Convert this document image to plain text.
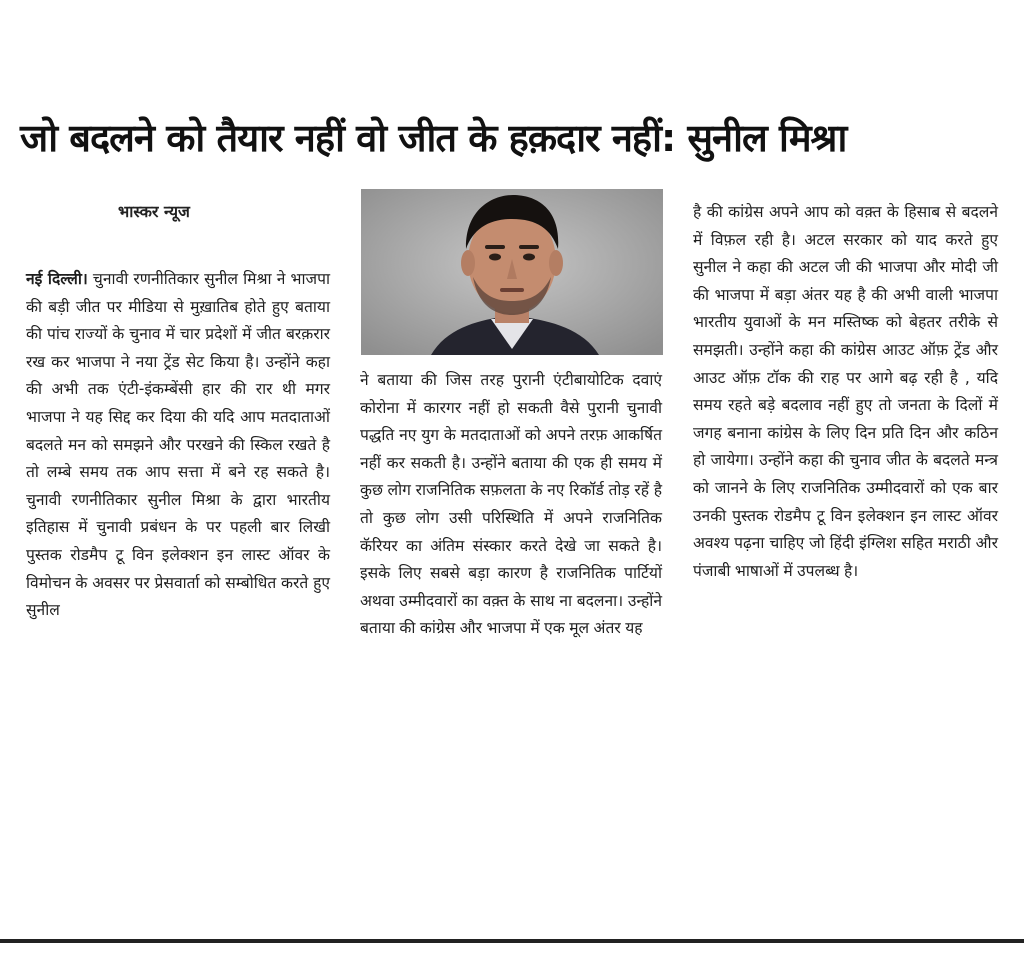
जो बदलने को तैयार नहीं वो जीत के हक़दार नहीं: सुनील मिश्रा
भास्कर न्यूज
नई दिल्ली। चुनावी रणनीतिकार सुनील मिश्रा ने भाजपा की बड़ी जीत पर मीडिया से मुख़ातिब होते हुए बताया की पांच राज्यों के चुनाव में चार प्रदेशों में जीत बरक़रार रख कर भाजपा ने नया ट्रेंड सेट किया है। उन्होंने कहा की अभी तक एंटी-इंकम्बेंसी हार की रार थी मगर भाजपा ने यह सिद्द कर दिया की यदि आप मतदाताओं बदलते मन को समझने और परखने की स्किल रखते है तो लम्बे समय तक आप सत्ता में बने रह सकते है। चुनावी रणनीतिकार सुनील मिश्रा के द्वारा भारतीय इतिहास में चुनावी प्रबंधन के पर पहली बार लिखी पुस्तक रोडमैप टू विन इलेक्शन इन लास्ट ऑवर के विमोचन के अवसर पर प्रेसवार्ता को सम्बोधित करते हुए सुनील
ने बताया की जिस तरह पुरानी एंटीबायोटिक दवाएं कोरोना में कारगर नहीं हो सकती वैसे पुरानी चुनावी पद्धति नए युग के मतदाताओं को अपने तरफ़ आकर्षित नहीं कर सकती है। उन्होंने बताया की एक ही समय में कुछ लोग राजनितिक सफ़लता के नए रिकॉर्ड तोड़ रहें है तो कुछ लोग उसी परिस्थिति में अपने राजनितिक कॅरियर का अंतिम संस्कार करते देखे जा सकते है। इसके लिए सबसे बड़ा कारण है राजनितिक पार्टियों अथवा उम्मीदवारों का वक़्त के साथ ना बदलना। उन्होंने बताया की कांग्रेस और भाजपा में एक मूल अंतर यह
है की कांग्रेस अपने आप को वक़्त के हिसाब से बदलने में विफ़ल रही है। अटल सरकार को याद करते हुए सुनील ने कहा की अटल जी की भाजपा और मोदी जी की भाजपा में बड़ा अंतर यह है की अभी वाली भाजपा भारतीय युवाओं के मन मस्तिष्क को बेहतर तरीके से समझती। उन्होंने कहा की कांग्रेस आउट ऑफ़ ट्रेंड और आउट ऑफ़ टॉक की राह पर आगे बढ़ रही है , यदि समय रहते बड़े बदलाव नहीं हुए तो जनता के दिलों में जगह बनाना कांग्रेस के लिए दिन प्रति दिन और कठिन हो जायेगा। उन्होंने कहा की चुनाव जीत के बदलते मन्त्र को जानने के लिए राजनितिक उम्मीदवारों को एक बार उनकी पुस्तक रोडमैप टू विन इलेक्शन इन लास्ट ऑवर अवश्य पढ़ना चाहिए जो हिंदी इंग्लिश सहित मराठी और पंजाबी भाषाओं में उपलब्ध है।
